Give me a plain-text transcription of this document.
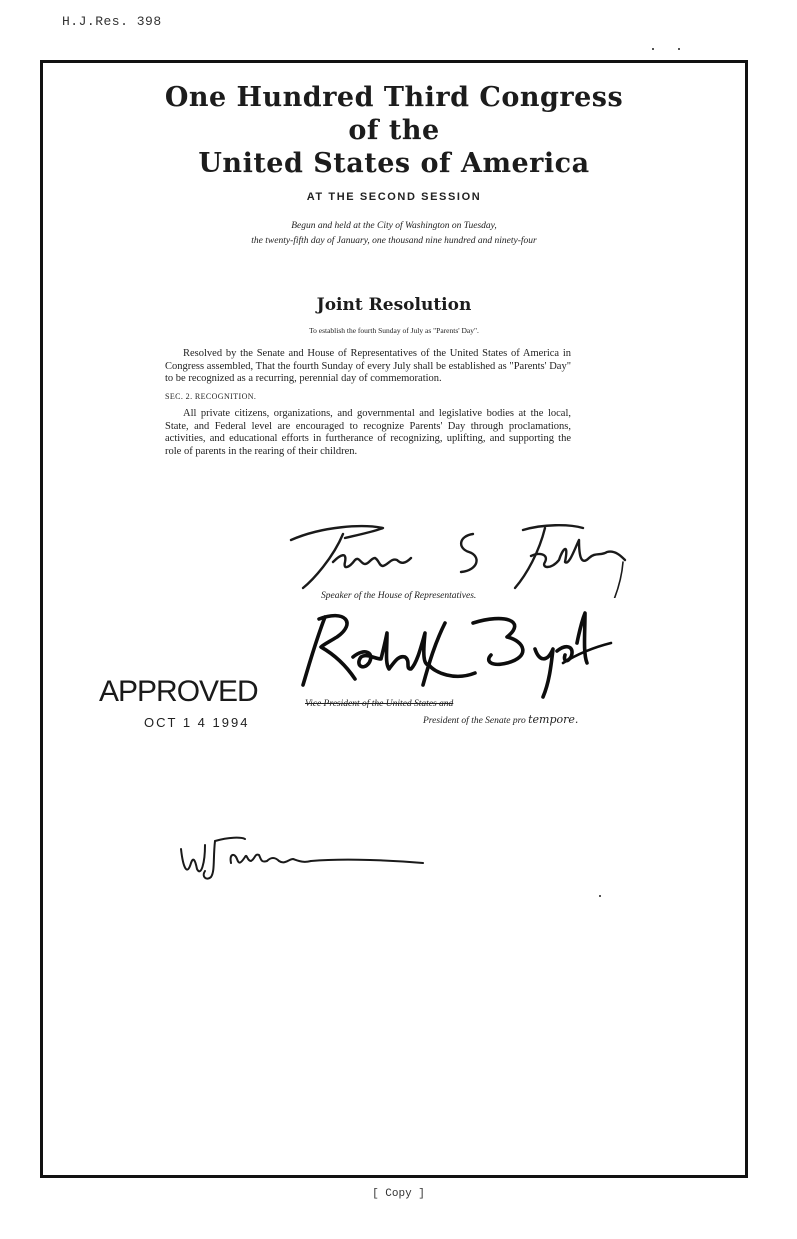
H.J.Res. 398
One Hundred Third Congress
of the
United States of America
AT THE SECOND SESSION
Begun and held at the City of Washington on Tuesday,
the twenty-fifth day of January, one thousand nine hundred and ninety-four
Joint Resolution
To establish the fourth Sunday of July as "Parents' Day".

Resolved by the Senate and House of Representatives of the United States of America in Congress assembled, That the fourth Sunday of every July shall be established as "Parents' Day" to be recognized as a recurring, perennial day of commemoration.

SEC. 2. RECOGNITION.

All private citizens, organizations, and governmental and legislative bodies at the local, State, and Federal level are encouraged to recognize Parents' Day through proclamations, activities, and educational efforts in furtherance of recognizing, uplifting, and supporting the role of parents in the rearing of their children.

Speaker of the House of Representatives.
Vice President of the United States and
President of the Senate pro tempore.
APPROVED
OCT 1 4 1994
[ Copy ]
